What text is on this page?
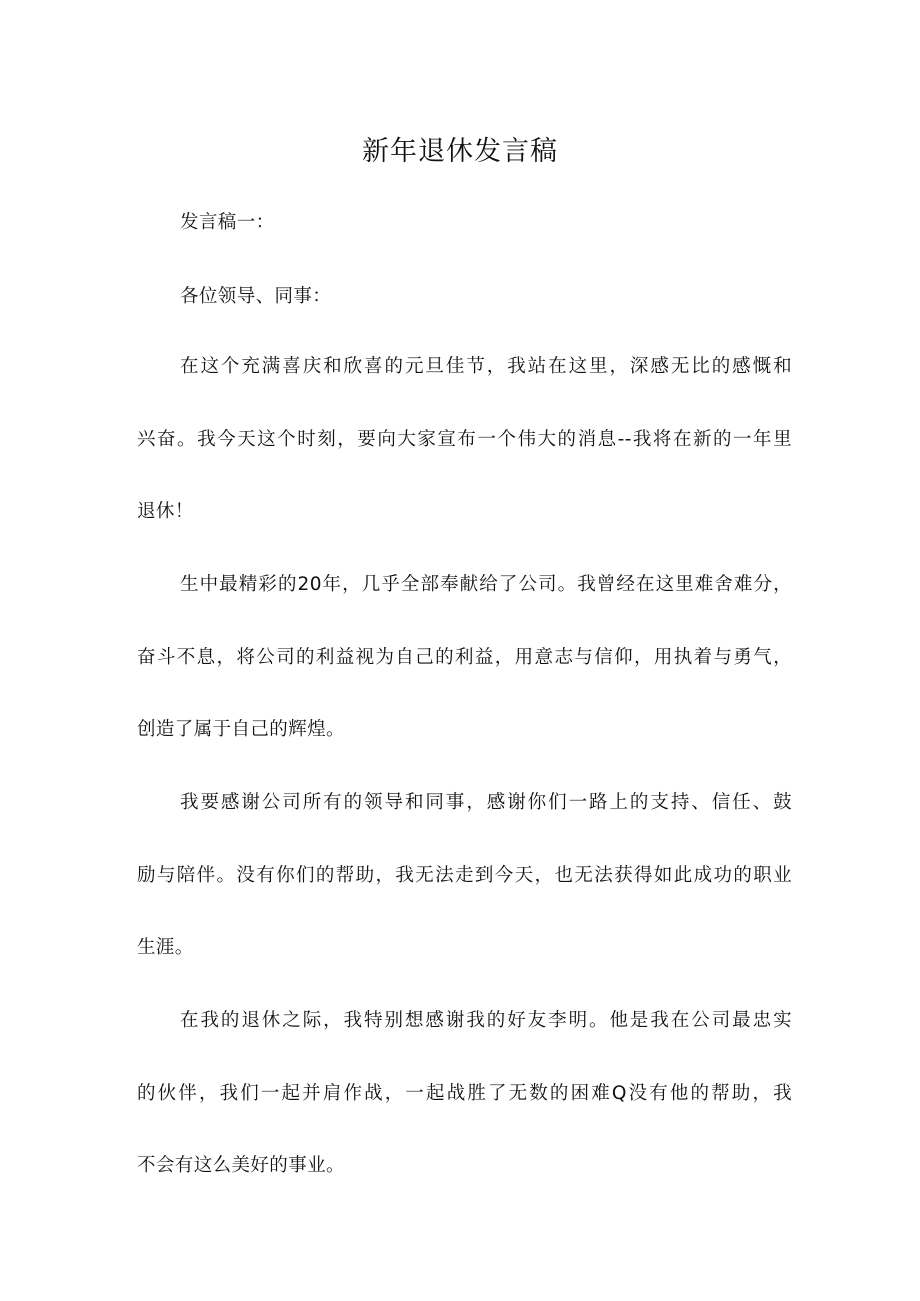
新年退休发言稿
发言稿一：
各位领导、同事：
在这个充满喜庆和欣喜的元旦佳节，我站在这里，深感无比的感慨和
兴奋。我今天这个时刻，要向大家宣布一个伟大的消息--我将在新的一年里
退休！
生中最精彩的20年，几乎全部奉献给了公司。我曾经在这里难舍难分，
奋斗不息，将公司的利益视为自己的利益，用意志与信仰，用执着与勇气，
创造了属于自己的辉煌。
我要感谢公司所有的领导和同事，感谢你们一路上的支持、信任、鼓
励与陪伴。没有你们的帮助，我无法走到今天，也无法获得如此成功的职业
生涯。
在我的退休之际，我特别想感谢我的好友李明。他是我在公司最忠实
的伙伴，我们一起并肩作战，一起战胜了无数的困难Q没有他的帮助，我
不会有这么美好的事业。
